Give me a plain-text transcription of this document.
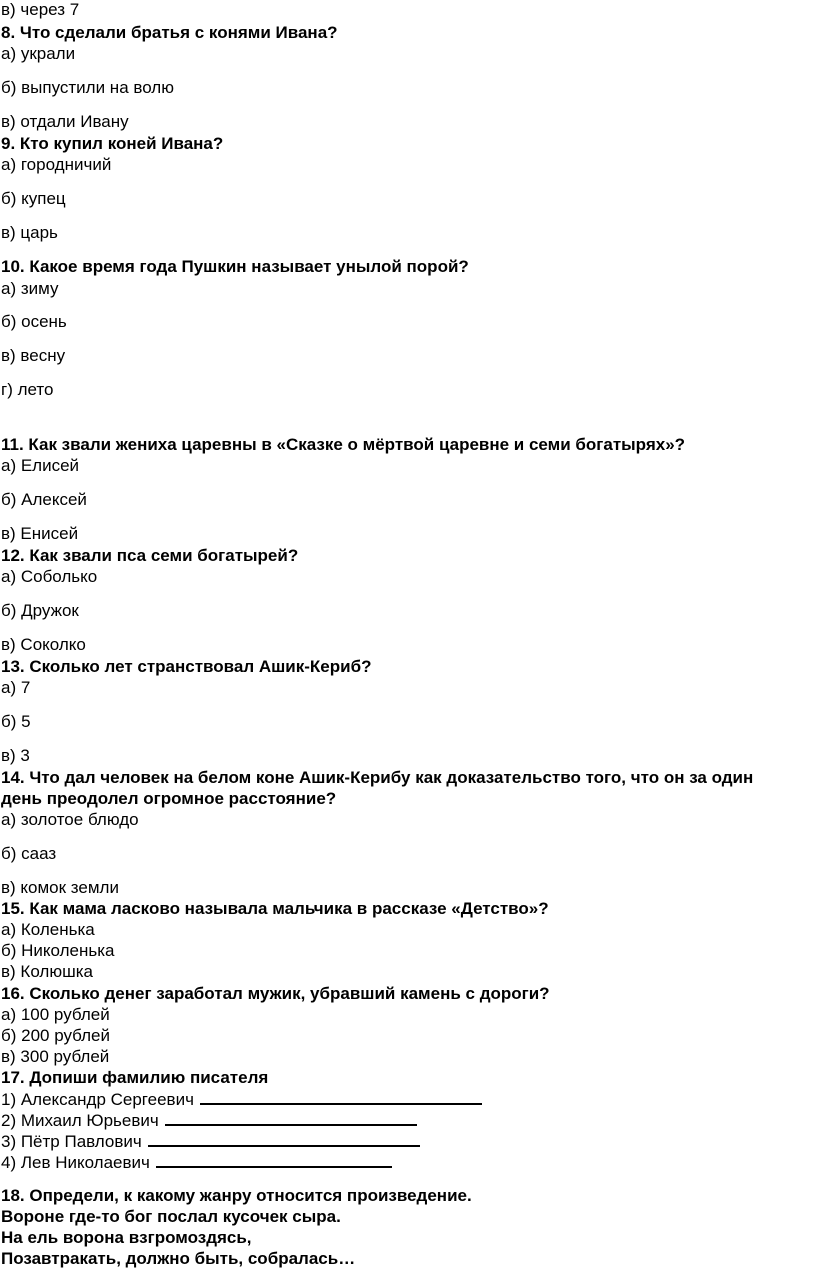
в) через 7
8. Что сделали братья с конями Ивана?
а) украли
б) выпустили на волю
в) отдали Ивану
9. Кто купил коней Ивана?
а) городничий
б) купец
в) царь
10. Какое время года Пушкин называет унылой порой?
а) зиму
б) осень
в) весну
г) лето
11. Как звали жениха царевны в «Сказке о мёртвой царевне и семи богатырях»?
а) Елисей
б) Алексей
в) Енисей
12. Как звали пса семи богатырей?
а) Соболько
б) Дружок
в) Соколко
13. Сколько лет странствовал Ашик-Кериб?
а) 7
б) 5
в) 3
14. Что дал человек на белом коне Ашик-Керибу как доказательство того, что он за один
день преодолел огромное расстояние?
а) золотое блюдо
б) сааз
в) комок земли
15. Как мама ласково называла мальчика в рассказе «Детство»?
а) Коленька
б) Николенька
в) Колюшка
16. Сколько денег заработал мужик, убравший камень с дороги?
а) 100 рублей
б) 200 рублей
в) 300 рублей
17. Допиши фамилию писателя
1) Александр Сергеевич
2) Михаил Юрьевич
3) Пётр Павлович
4) Лев Николаевич
18. Определи, к какому жанру относится произведение.
Вороне где-то бог послал кусочек сыра.
На ель ворона взгромоздясь,
Позавтракать, должно быть, собралась…
